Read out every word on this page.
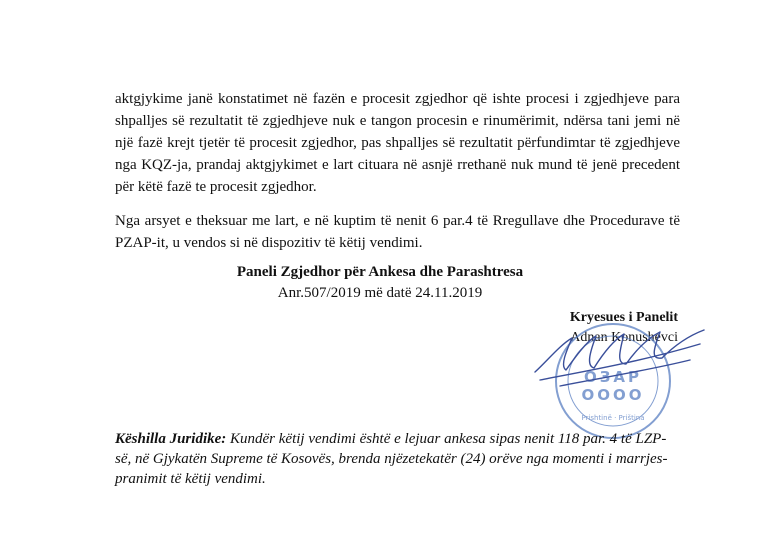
aktgjykime janë konstatimet në fazën e procesit zgjedhor që ishte procesi i zgjedhjeve para
shpalljes së rezultatit të zgjedhjeve nuk e tangon procesin e rinumërimit, ndërsa tani jemi në
një fazë krejt tjetër të procesit zgjedhor, pas shpalljes së rezultatit përfundimtar të zgjedhjeve
nga KQZ-ja, prandaj aktgjykimet e lart cituara në asnjë rrethanë nuk mund të jenë precedent
për këtë fazë te procesit zgjedhor.
Nga arsyet e theksuar me lart, e në kuptim të nenit 6 par.4 të Rregullave dhe Procedurave të
PZAP-it, u vendos si në dispozitiv të këtij vendimi.
Paneli Zgjedhor për Ankesa dhe Parashtresa
Anr.507/2019 më datë 24.11.2019
Kryesues i Panelit
Adnan Konushevci
ОЗАР
ОООО
Prishtinë · Priština
Këshilla Juridike: Kundër këtij vendimi është e lejuar ankesa sipas nenit 118 par. 4 të LZP-
së, në Gjykatën Supreme të Kosovës, brenda njëzetekatër (24) orëve nga momenti i marrjes-
pranimit të këtij vendimi.
